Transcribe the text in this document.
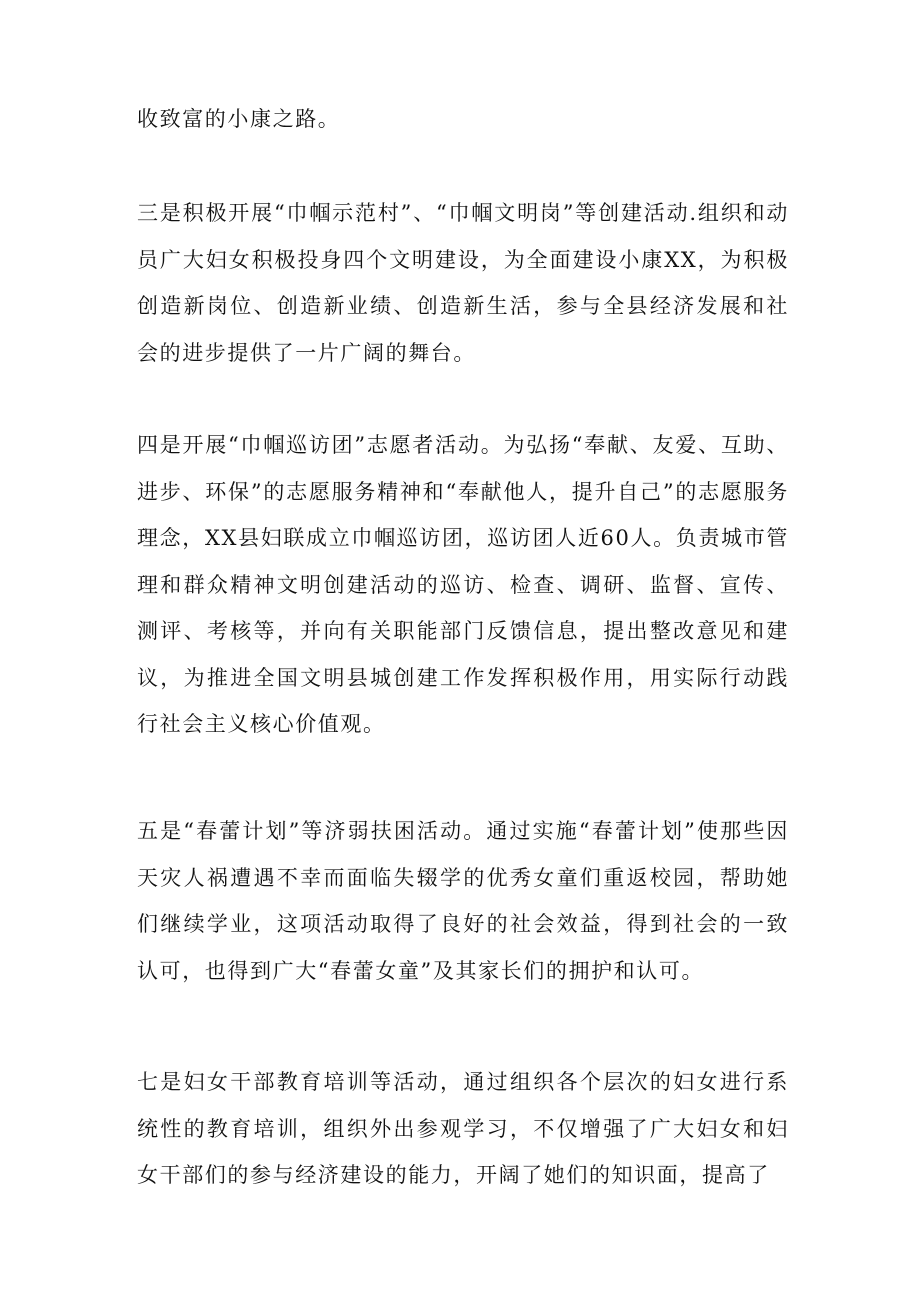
收致富的小康之路。

三是积极开展“巾帼示范村”、“巾帼文明岗”等创建活动.组织和动员广大妇女积极投身四个文明建设，为全面建设小康XX，为积极创造新岗位、创造新业绩、创造新生活，参与全县经济发展和社会的进步提供了一片广阔的舞台。

四是开展“巾帼巡访团”志愿者活动。为弘扬“奉献、友爱、互助、进步、环保”的志愿服务精神和“奉献他人，提升自己”的志愿服务理念，XX县妇联成立巾帼巡访团，巡访团人近60人。负责城市管理和群众精神文明创建活动的巡访、检查、调研、监督、宣传、测评、考核等，并向有关职能部门反馈信息，提出整改意见和建议，为推进全国文明县城创建工作发挥积极作用，用实际行动践行社会主义核心价值观。

五是“春蕾计划”等济弱扶困活动。通过实施“春蕾计划”使那些因天灾人祸遭遇不幸而面临失辍学的优秀女童们重返校园，帮助她们继续学业，这项活动取得了良好的社会效益，得到社会的一致认可，也得到广大“春蕾女童”及其家长们的拥护和认可。

七是妇女干部教育培训等活动，通过组织各个层次的妇女进行系统性的教育培训，组织外出参观学习，不仅增强了广大妇女和妇女干部们的参与经济建设的能力，开阔了她们的知识面，提高了
